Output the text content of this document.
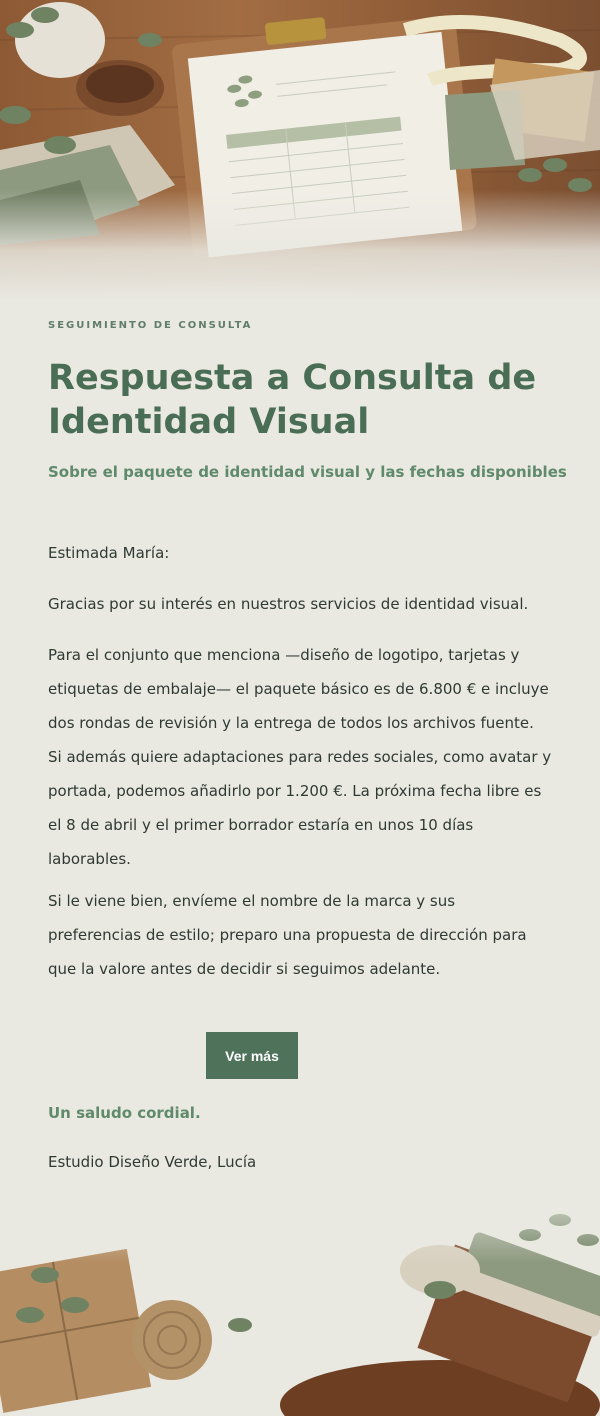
SEGUIMIENTO DE CONSULTA
Respuesta a Consulta de Identidad Visual
Sobre el paquete de identidad visual y las fechas disponibles
Estimada María:
Gracias por su interés en nuestros servicios de identidad visual.
Para el conjunto que menciona —diseño de logotipo, tarjetas y etiquetas de embalaje— el paquete básico es de 6.800 € e incluye dos rondas de revisión y la entrega de todos los archivos fuente. Si además quiere adaptaciones para redes sociales, como avatar y portada, podemos añadirlo por 1.200 €. La próxima fecha libre es el 8 de abril y el primer borrador estaría en unos 10 días laborables.
Si le viene bien, envíeme el nombre de la marca y sus preferencias de estilo; preparo una propuesta de dirección para que la valore antes de decidir si seguimos adelante.
Ver más
Un saludo cordial.
Estudio Diseño Verde, Lucía
